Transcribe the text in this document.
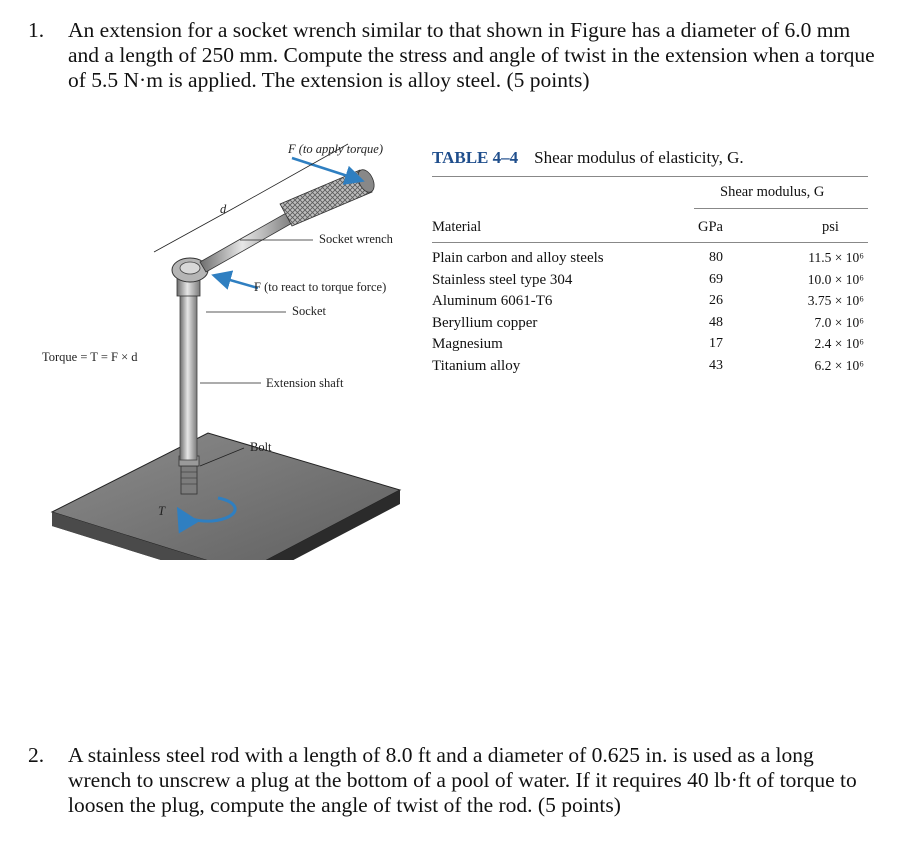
1. An extension for a socket wrench similar to that shown in Figure has a diameter of 6.0 mm and a length of 250 mm. Compute the stress and angle of twist in the extension when a torque of 5.5 N·m is applied. The extension is alloy steel. (5 points)
F (to apply torque)
d
Socket wrench
F (to react to torque force)
Socket
Torque = T = F × d
Extension shaft
Bolt
T
TABLE 4–4 Shear modulus of elasticity, G.
Shear modulus, G
Material	GPa	psi
Plain carbon and alloy steels	80	11.5 × 10⁶
Stainless steel type 304	69	10.0 × 10⁶
Aluminum 6061-T6	26	3.75 × 10⁶
Beryllium copper	48	7.0 × 10⁶
Magnesium	17	2.4 × 10⁶
Titanium alloy	43	6.2 × 10⁶
2. A stainless steel rod with a length of 8.0 ft and a diameter of 0.625 in. is used as a long wrench to unscrew a plug at the bottom of a pool of water. If it requires 40 lb·ft of torque to loosen the plug, compute the angle of twist of the rod. (5 points)
